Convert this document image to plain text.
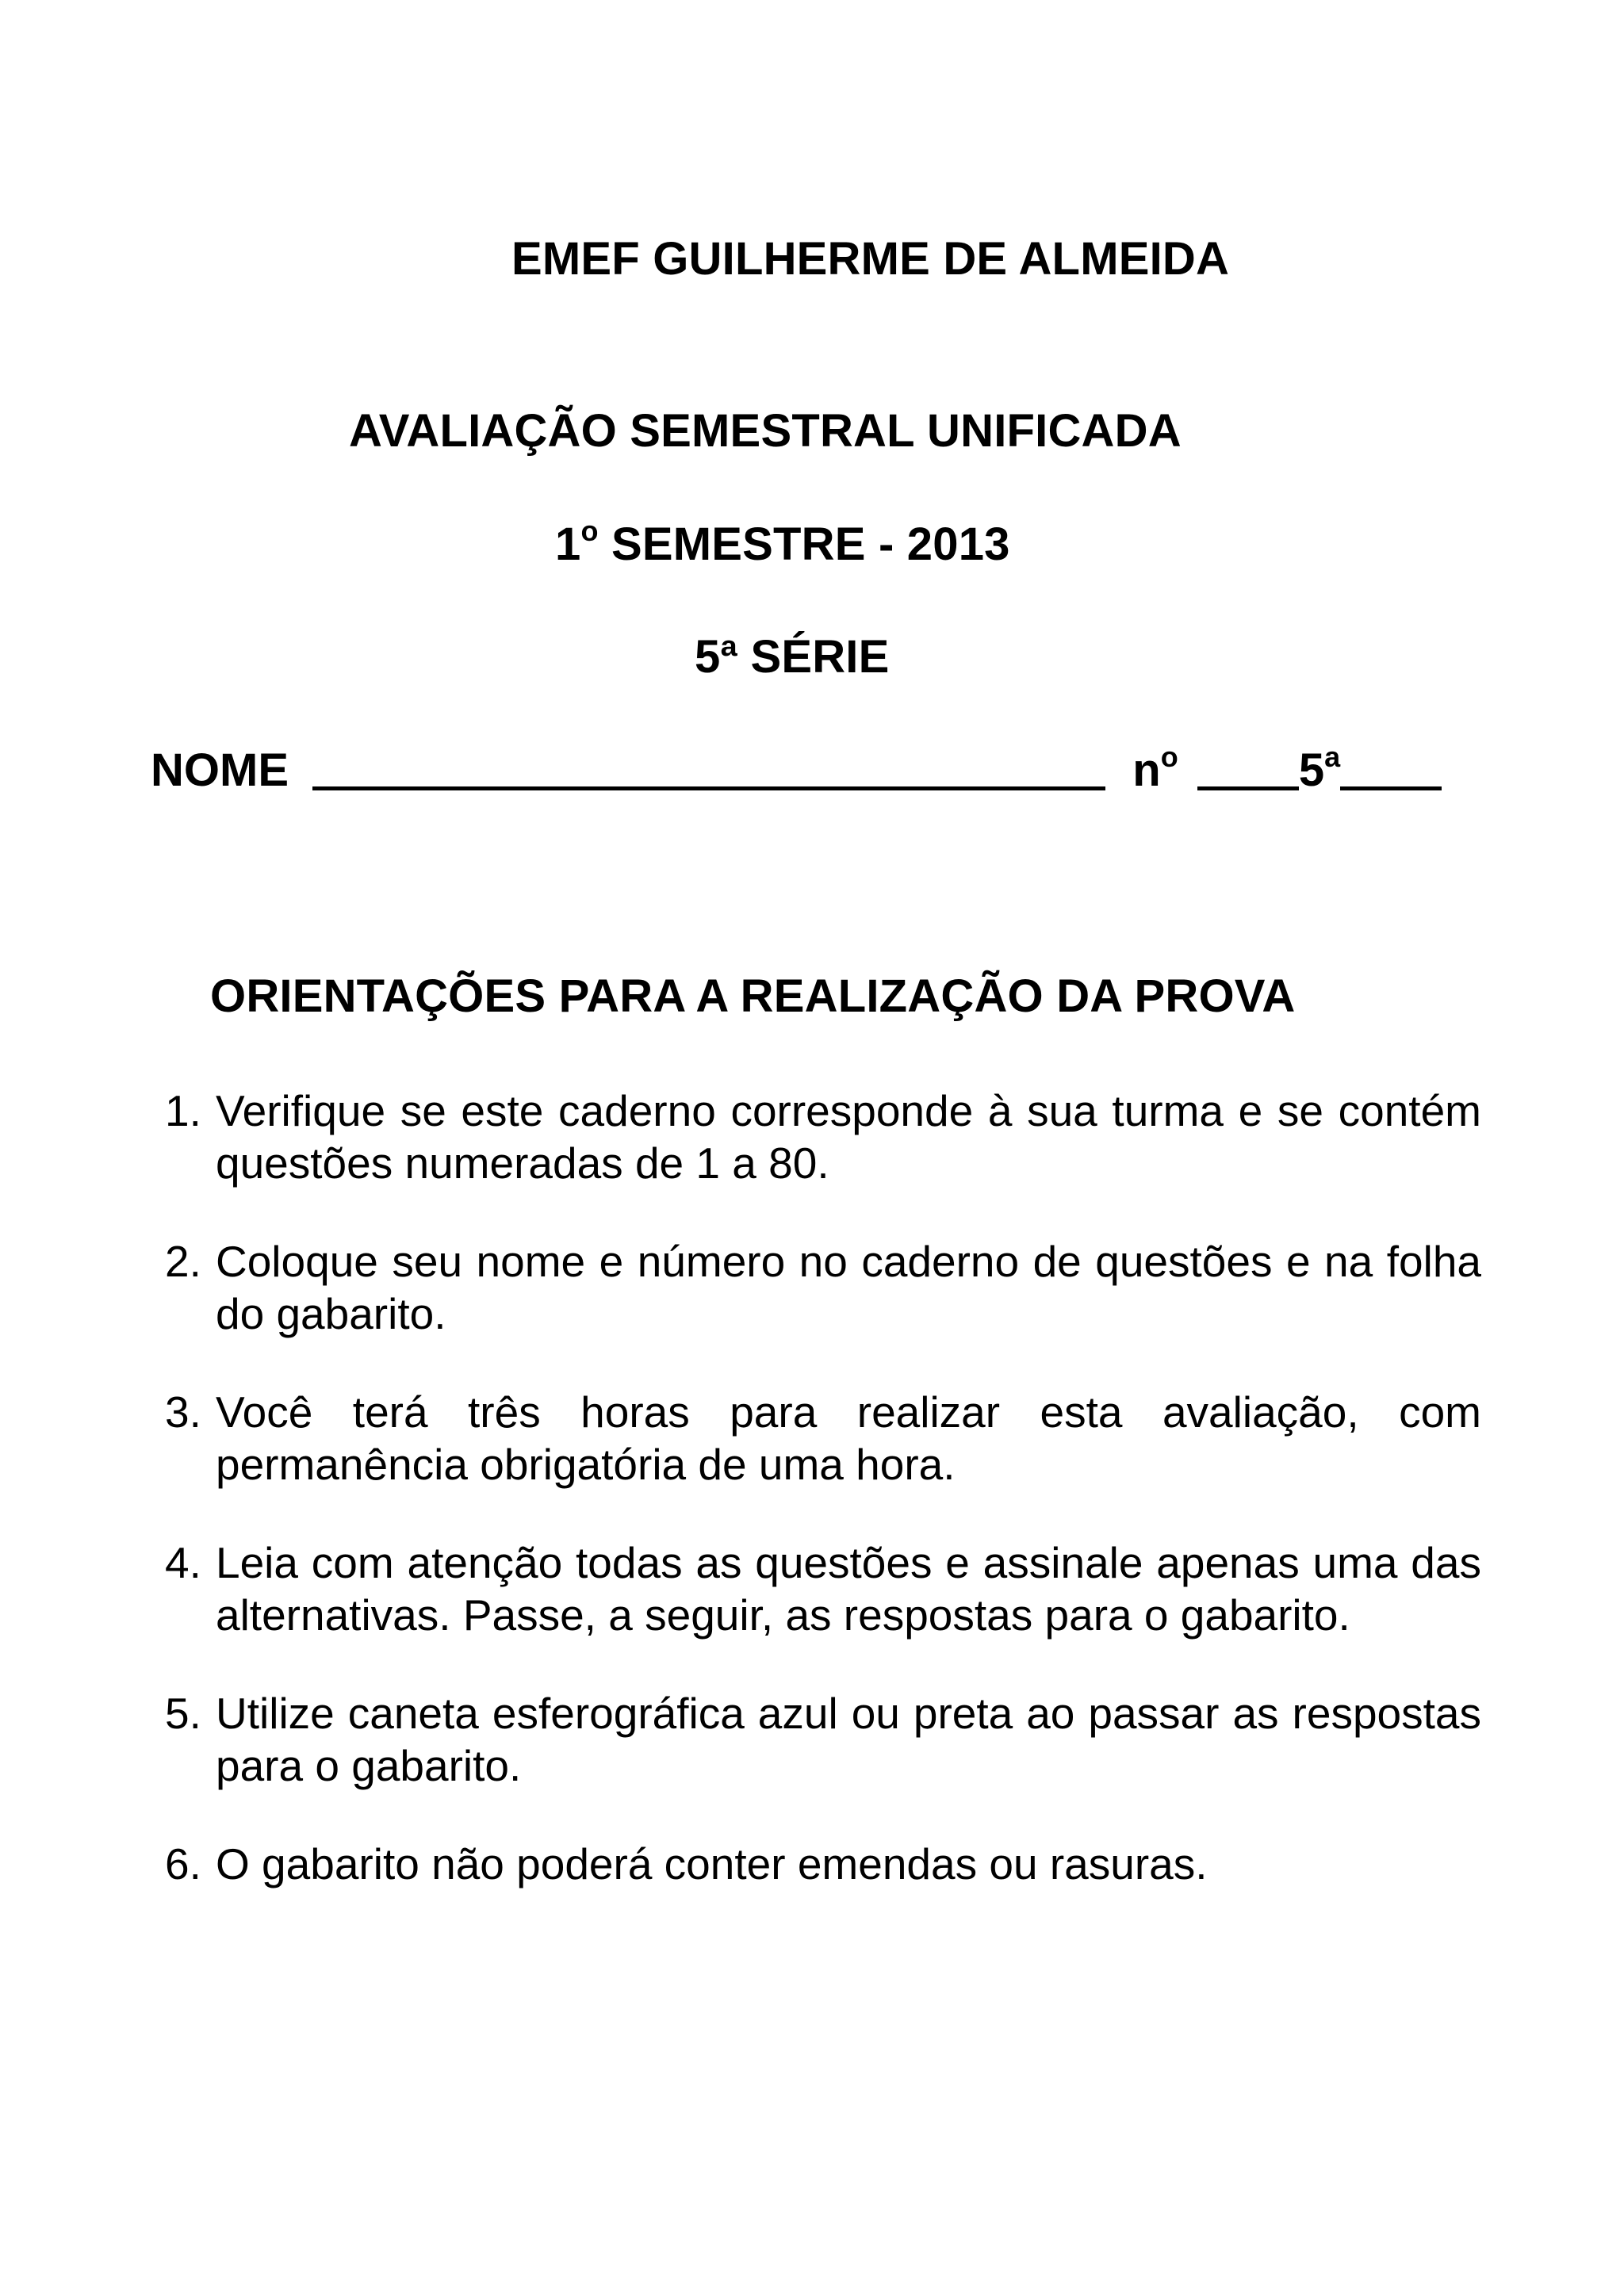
EMEF GUILHERME DE ALMEIDA
AVALIAÇÃO SEMESTRAL UNIFICADA
1$^o$ SEMESTRE - 2013
5ª SÉRIE
NOME	$n^o$	5$^a$
ORIENTAÇÕES PARA A REALIZAÇÃO DA PROVA
1. Verifique se este caderno corresponde à sua turma e se contém questões numeradas de 1 a 80.
2. Coloque seu nome e número no caderno de questões e na folha do gabarito.
3. Você terá três horas para realizar esta avaliação, com permanência obrigatória de uma hora.
4. Leia com atenção todas as questões e assinale apenas uma das alternativas. Passe, a seguir, as respostas para o gabarito.
5. Utilize caneta esferográfica azul ou preta ao passar as respostas para o gabarito.
6. O gabarito não poderá conter emendas ou rasuras.
